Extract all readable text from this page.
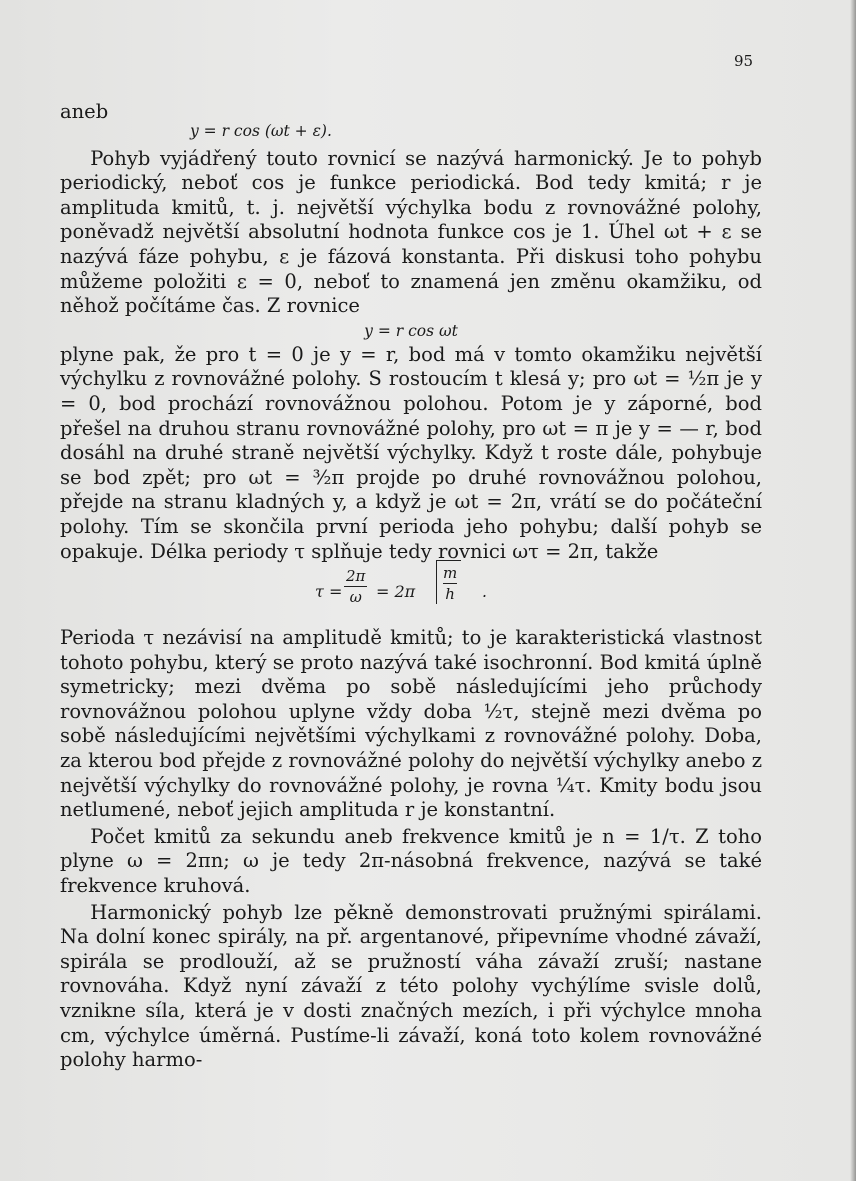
95
aneb
y = r cos (ωt + ε).

Pohyb vyjádřený touto rovnicí se nazývá harmonický. Je to pohyb periodický, neboť cos je funkce periodická. Bod tedy kmitá; r je amplituda kmitů, t. j. největší výchylka bodu z rovnovážné polohy, poněvadž největší absolutní hodnota funkce cos je 1. Úhel ωt + ε se nazývá fáze pohybu, ε je fázová konstanta. Při diskusi toho pohybu můžeme položiti ε = 0, neboť to znamená jen změnu okamžiku, od něhož počítáme čas. Z rovnice

y = r cos ωt

plyne pak, že pro t = 0 je y = r, bod má v tomto okamžiku největší výchylku z rovnovážné polohy. S rostoucím t klesá y; pro ωt = ½π je y = 0, bod prochází rovnovážnou polohou. Potom je y záporné, bod přešel na druhou stranu rovnovážné polohy, pro ωt = π je y = — r, bod dosáhl na druhé straně největší výchylky. Když t roste dále, pohybuje se bod zpět; pro ωt = ³⁄₂π projde po druhé rovnovážnou polohou, přejde na stranu kladných y, a když je ωt = 2π, vrátí se do počáteční polohy. Tím se skončila první perioda jeho pohybu; další pohyb se opakuje. Délka periody τ splňuje tedy rovnici ωτ = 2π, takže

$\tau = \frac{2\pi}{\omega} = 2\pi \frac{m}{h}$ .

Perioda τ nezávisí na amplitudě kmitů; to je karakteristická vlastnost tohoto pohybu, který se proto nazývá také isochronní. Bod kmitá úplně symetricky; mezi dvěma po sobě následujícími jeho průchody rovnovážnou polohou uplyne vždy doba ½τ, stejně mezi dvěma po sobě následujícími největšími výchylkami z rovnovážné polohy. Doba, za kterou bod přejde z rovnovážné polohy do největší výchylky anebo z největší výchylky do rovnovážné polohy, je rovna ¼τ. Kmity bodu jsou netlumené, neboť jejich amplituda r je konstantní.

Počet kmitů za sekundu aneb frekvence kmitů je n = 1/τ. Z toho plyne ω = 2πn; ω je tedy 2π-násobná frekvence, nazývá se také frekvence kruhová.

Harmonický pohyb lze pěkně demonstrovati pružnými spirálami. Na dolní konec spirály, na př. argentanové, připevníme vhodné závaží, spirála se prodlouží, až se pružností váha závaží zruší; nastane rovnováha. Když nyní závaží z této polohy vychýlíme svisle dolů, vznikne síla, která je v dosti značných mezích, i při výchylce mnoha cm, výchylce úměrná. Pustíme-li závaží, koná toto kolem rovnovážné polohy harmo-
